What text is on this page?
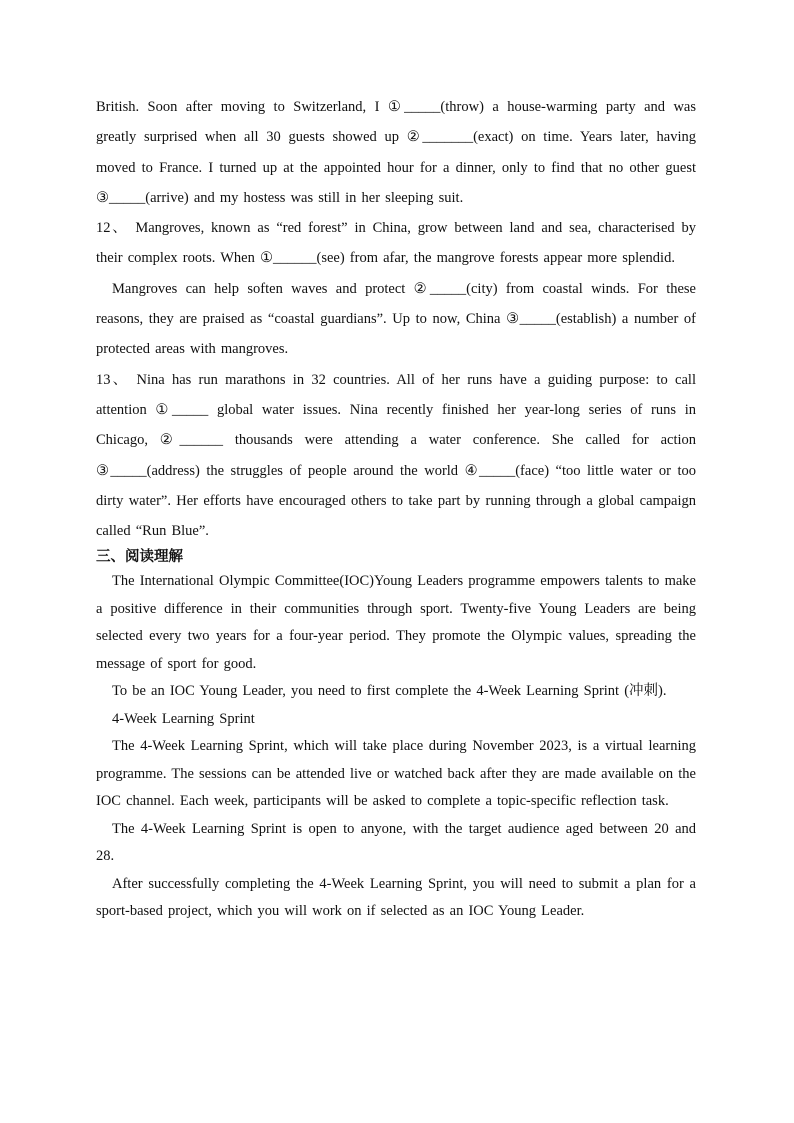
British. Soon after moving to Switzerland, I ①_____(throw) a house-warming party and was greatly surprised when all 30 guests showed up ②_______(exact) on time. Years later, having moved to France. I turned up at the appointed hour for a dinner, only to find that no other guest ③_____(arrive) and my hostess was still in her sleeping suit.

12、 Mangroves, known as “red forest” in China, grow between land and sea, characterised by their complex roots. When ①______(see) from afar, the mangrove forests appear more splendid.

Mangroves can help soften waves and protect ②_____(city) from coastal winds. For these reasons, they are praised as “coastal guardians”. Up to now, China ③_____(establish) a number of protected areas with mangroves.

13、 Nina has run marathons in 32 countries. All of her runs have a guiding purpose: to call attention ①_____ global water issues. Nina recently finished her year-long series of runs in Chicago, ②______ thousands were attending a water conference. She called for action ③_____(address) the struggles of people around the world ④_____(face) “too little water or too dirty water”. Her efforts have encouraged others to take part by running through a global campaign called “Run Blue”.

三、阅读理解

The International Olympic Committee(IOC)Young Leaders programme empowers talents to make a positive difference in their communities through sport. Twenty-five Young Leaders are being selected every two years for a four-year period. They promote the Olympic values, spreading the message of sport for good.

To be an IOC Young Leader, you need to first complete the 4-Week Learning Sprint (冲刺).

4-Week Learning Sprint

The 4-Week Learning Sprint, which will take place during November 2023, is a virtual learning programme. The sessions can be attended live or watched back after they are made available on the IOC channel. Each week, participants will be asked to complete a topic-specific reflection task.

The 4-Week Learning Sprint is open to anyone, with the target audience aged between 20 and 28.

After successfully completing the 4-Week Learning Sprint, you will need to submit a plan for a sport-based project, which you will work on if selected as an IOC Young Leader.
